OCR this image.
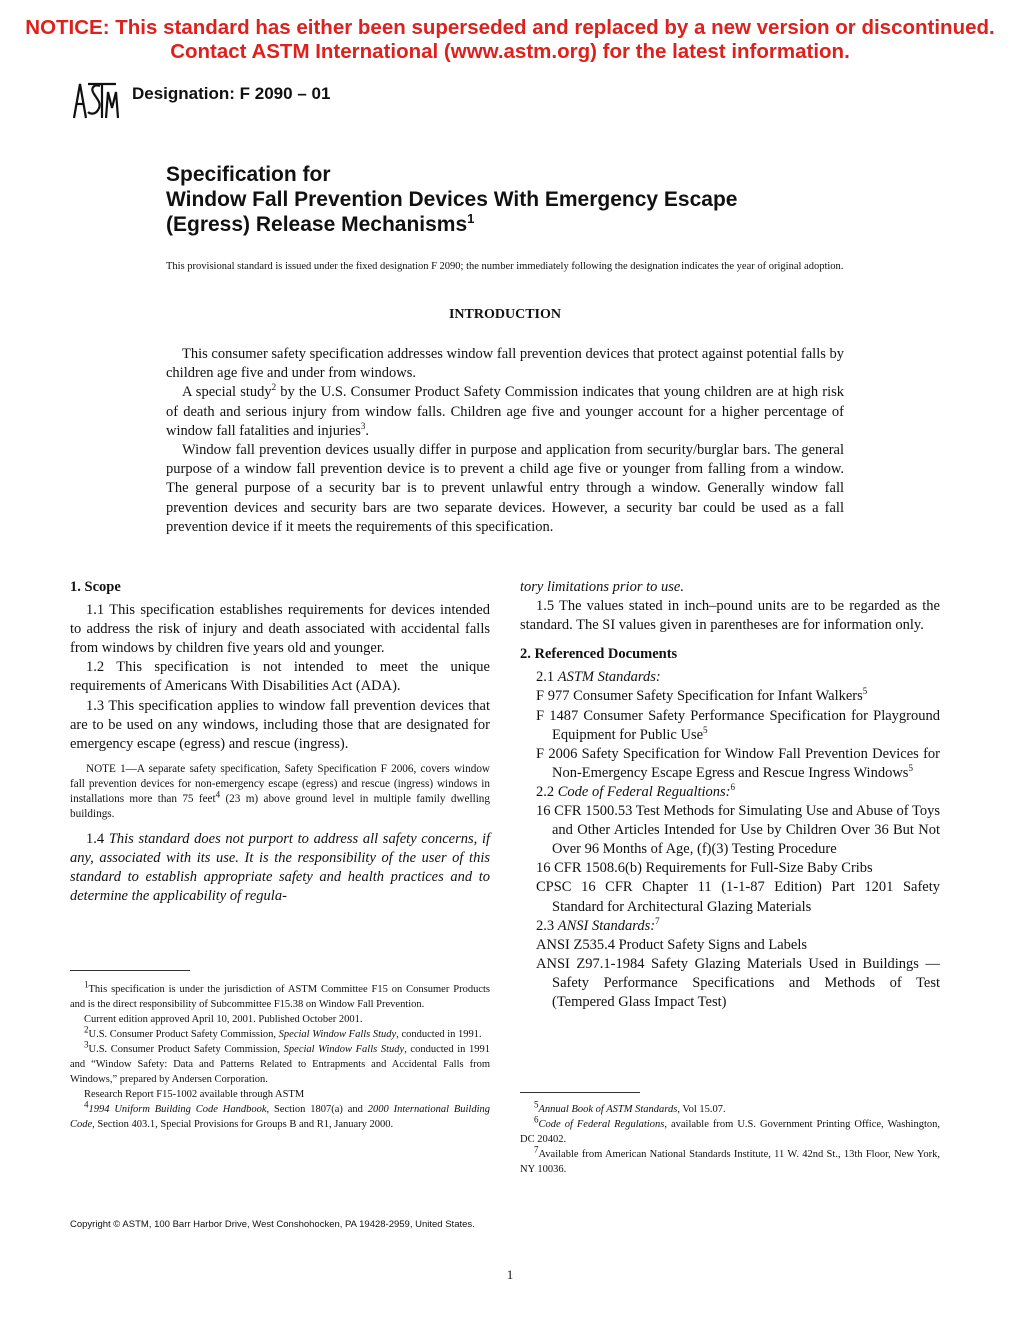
NOTICE: This standard has either been superseded and replaced by a new version or discontinued.
Contact ASTM International (www.astm.org) for the latest information.
Designation: F 2090 – 01
Specification for
Window Fall Prevention Devices With Emergency Escape
(Egress) Release Mechanisms$^1$
This provisional standard is issued under the fixed designation F 2090; the number immediately following the designation indicates the year of original adoption.
INTRODUCTION

This consumer safety specification addresses window fall prevention devices that protect against potential falls by children age five and under from windows.

A special study$^2$ by the U.S. Consumer Product Safety Commission indicates that young children are at high risk of death and serious injury from window falls. Children age five and younger account for a higher percentage of window fall fatalities and injuries$^3$.

Window fall prevention devices usually differ in purpose and application from security/burglar bars. The general purpose of a window fall prevention device is to prevent a child age five or younger from falling from a window. The general purpose of a security bar is to prevent unlawful entry through a window. Generally window fall prevention devices and security bars are two separate devices. However, a security bar could be used as a fall prevention device if it meets the requirements of this specification.

1. Scope

1.1 This specification establishes requirements for devices intended to address the risk of injury and death associated with accidental falls from windows by children five years old and younger.

1.2 This specification is not intended to meet the unique requirements of Americans With Disabilities Act (ADA).

1.3 This specification applies to window fall prevention devices that are to be used on any windows, including those that are designated for emergency escape (egress) and rescue (ingress).

NOTE 1—A separate safety specification, Safety Specification F 2006, covers window fall prevention devices for non-emergency escape (egress) and rescue (ingress) windows in installations more than 75 feet$^4$ (23 m) above ground level in multiple family dwelling buildings.

1.4 This standard does not purport to address all safety concerns, if any, associated with its use. It is the responsibility of the user of this standard to establish appropriate safety and health practices and to determine the applicability of regula-

$^1$This specification is under the jurisdiction of ASTM Committee F15 on Consumer Products and is the direct responsibility of Subcommittee F15.38 on Window Fall Prevention.

Current edition approved April 10, 2001. Published October 2001.

$^2$U.S. Consumer Product Safety Commission, Special Window Falls Study, conducted in 1991.

$^3$U.S. Consumer Product Safety Commission, Special Window Falls Study, conducted in 1991 and “Window Safety: Data and Patterns Related to Entrapments and Accidental Falls from Windows,” prepared by Andersen Corporation.

Research Report F15-1002 available through ASTM

$^4$1994 Uniform Building Code Handbook, Section 1807(a) and 2000 International Building Code, Section 403.1, Special Provisions for Groups B and R1, January 2000.

tory limitations prior to use.

1.5 The values stated in inch–pound units are to be regarded as the standard. The SI values given in parentheses are for information only.

2. Referenced Documents

2.1 ASTM Standards:

F 977 Consumer Safety Specification for Infant Walkers$^5$

F 1487 Consumer Safety Performance Specification for Playground Equipment for Public Use$^5$

F 2006 Safety Specification for Window Fall Prevention Devices for Non-Emergency Escape Egress and Rescue Ingress Windows$^5$

2.2 Code of Federal Regualtions:$^6$

16 CFR 1500.53 Test Methods for Simulating Use and Abuse of Toys and Other Articles Intended for Use by Children Over 36 But Not Over 96 Months of Age, (f)(3) Testing Procedure

16 CFR 1508.6(b) Requirements for Full-Size Baby Cribs

CPSC 16 CFR Chapter 11 (1-1-87 Edition) Part 1201 Safety Standard for Architectural Glazing Materials

2.3 ANSI Standards:$^7$

ANSI Z535.4 Product Safety Signs and Labels

ANSI Z97.1-1984 Safety Glazing Materials Used in Buildings — Safety Performance Specifications and Methods of Test (Tempered Glass Impact Test)

$^5$Annual Book of ASTM Standards, Vol 15.07.

$^6$Code of Federal Regulations, available from U.S. Government Printing Office, Washington, DC 20402.

$^7$Available from American National Standards Institute, 11 W. 42nd St., 13th Floor, New York, NY 10036.

Copyright © ASTM, 100 Barr Harbor Drive, West Conshohocken, PA 19428-2959, United States.
1
